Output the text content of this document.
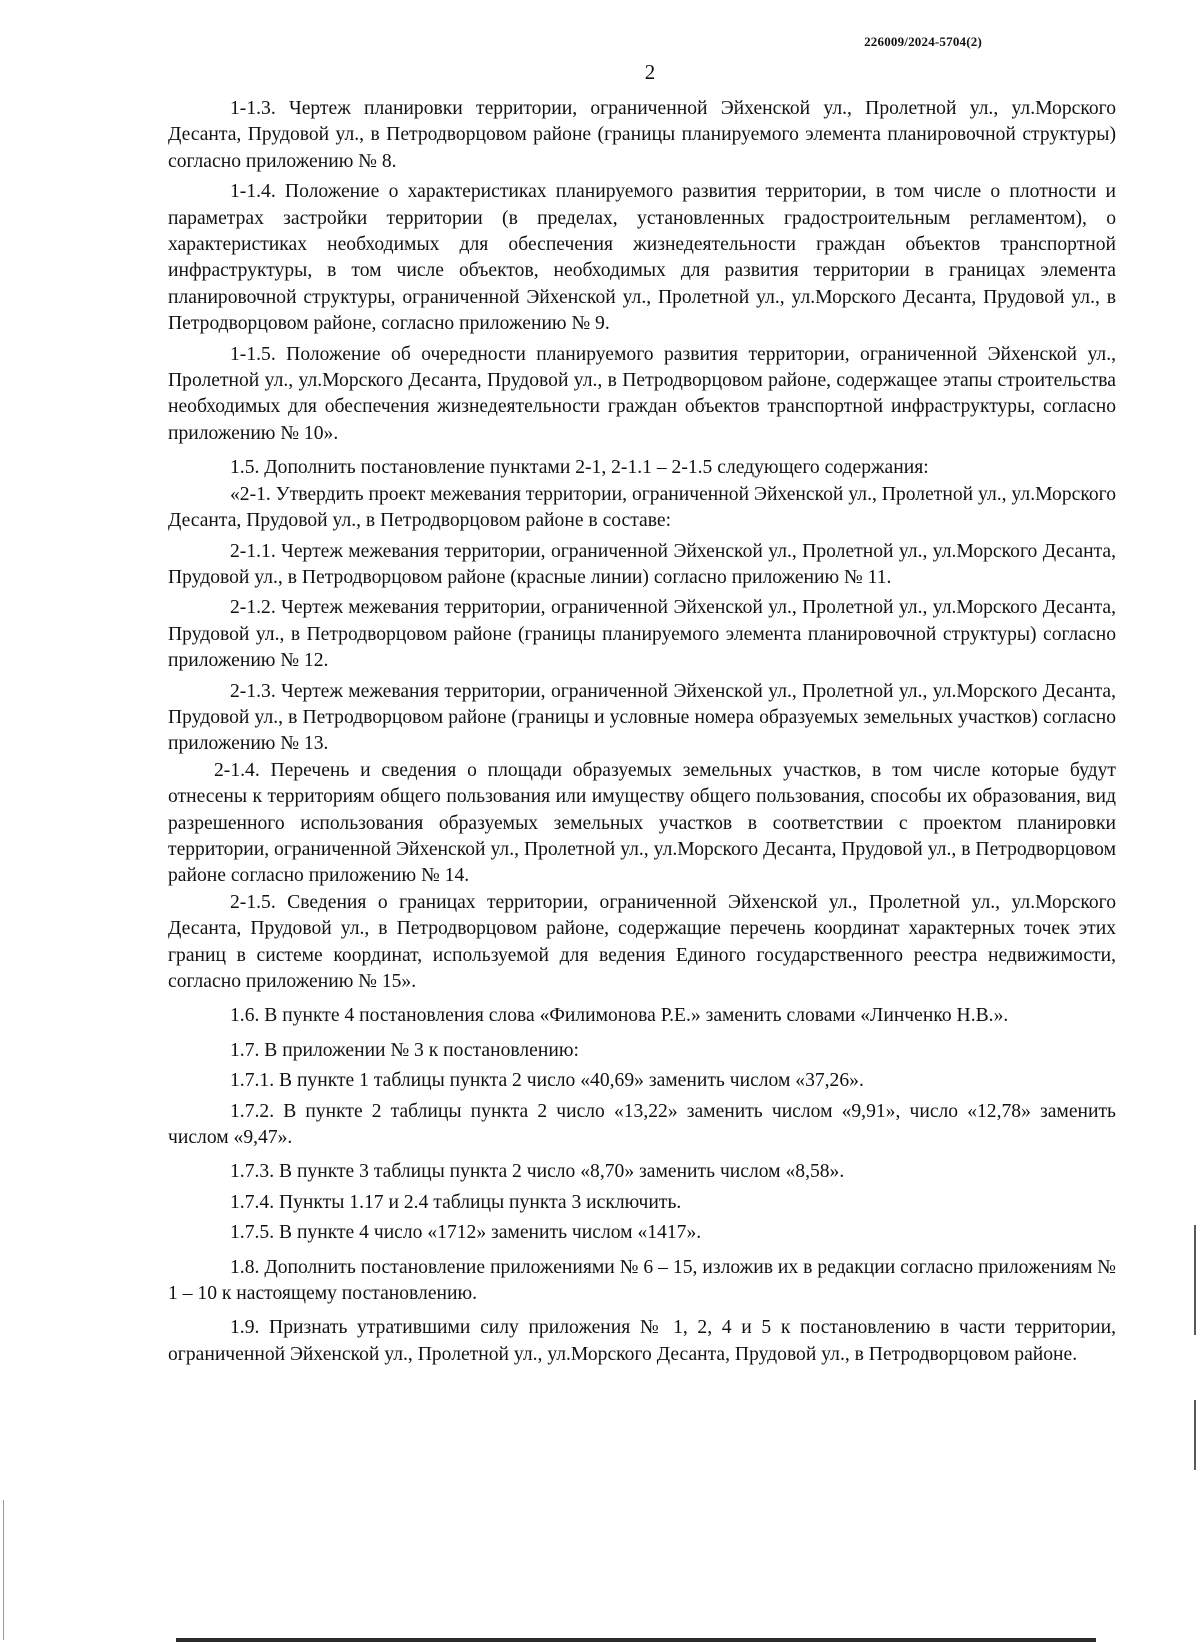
226009/2024-5704(2)
2

1-1.3. Чертеж планировки территории, ограниченной Эйхенской ул., Пролетной ул., ул.Морского Десанта, Прудовой ул., в Петродворцовом районе (границы планируемого элемента планировочной структуры) согласно приложению № 8.

1-1.4. Положение о характеристиках планируемого развития территории, в том числе о плотности и параметрах застройки территории (в пределах, установленных градостроительным регламентом), о характеристиках необходимых для обеспечения жизнедеятельности граждан объектов транспортной инфраструктуры, в том числе объектов, необходимых для развития территории в границах элемента планировочной структуры, ограниченной Эйхенской ул., Пролетной ул., ул.Морского Десанта, Прудовой ул., в Петродворцовом районе, согласно приложению № 9.

1-1.5. Положение об очередности планируемого развития территории, ограниченной Эйхенской ул., Пролетной ул., ул.Морского Десанта, Прудовой ул., в Петродворцовом районе, содержащее этапы строительства необходимых для обеспечения жизнедеятельности граждан объектов транспортной инфраструктуры, согласно приложению № 10».

1.5. Дополнить постановление пунктами 2-1, 2-1.1 – 2-1.5 следующего содержания:

«2-1. Утвердить проект межевания территории, ограниченной Эйхенской ул., Пролетной ул., ул.Морского Десанта, Прудовой ул., в Петродворцовом районе в составе:

2-1.1. Чертеж межевания территории, ограниченной Эйхенской ул., Пролетной ул., ул.Морского Десанта, Прудовой ул., в Петродворцовом районе (красные линии) согласно приложению № 11.

2-1.2. Чертеж межевания территории, ограниченной Эйхенской ул., Пролетной ул., ул.Морского Десанта, Прудовой ул., в Петродворцовом районе (границы планируемого элемента планировочной структуры) согласно приложению № 12.

2-1.3. Чертеж межевания территории, ограниченной Эйхенской ул., Пролетной ул., ул.Морского Десанта, Прудовой ул., в Петродворцовом районе (границы и условные номера образуемых земельных участков) согласно приложению № 13.

2-1.4. Перечень и сведения о площади образуемых земельных участков, в том числе которые будут отнесены к территориям общего пользования или имуществу общего пользования, способы их образования, вид разрешенного использования образуемых земельных участков в соответствии с проектом планировки территории, ограниченной Эйхенской ул., Пролетной ул., ул.Морского Десанта, Прудовой ул., в Петродворцовом районе согласно приложению № 14.

2-1.5. Сведения о границах территории, ограниченной Эйхенской ул., Пролетной ул., ул.Морского Десанта, Прудовой ул., в Петродворцовом районе, содержащие перечень координат характерных точек этих границ в системе координат, используемой для ведения Единого государственного реестра недвижимости, согласно приложению № 15».

1.6. В пункте 4 постановления слова «Филимонова Р.Е.» заменить словами «Линченко Н.В.».

1.7. В приложении № 3 к постановлению:

1.7.1. В пункте 1 таблицы пункта 2 число «40,69» заменить числом «37,26».

1.7.2. В пункте 2 таблицы пункта 2 число «13,22» заменить числом «9,91», число «12,78» заменить числом «9,47».

1.7.3. В пункте 3 таблицы пункта 2 число «8,70» заменить числом «8,58».

1.7.4. Пункты 1.17 и 2.4 таблицы пункта 3 исключить.

1.7.5. В пункте 4 число «1712» заменить числом «1417».

1.8. Дополнить постановление приложениями № 6 – 15, изложив их в редакции согласно приложениям № 1 – 10 к настоящему постановлению.

1.9. Признать утратившими силу приложения № 1, 2, 4 и 5 к постановлению в части территории, ограниченной Эйхенской ул., Пролетной ул., ул.Морского Десанта, Прудовой ул., в Петродворцовом районе.
